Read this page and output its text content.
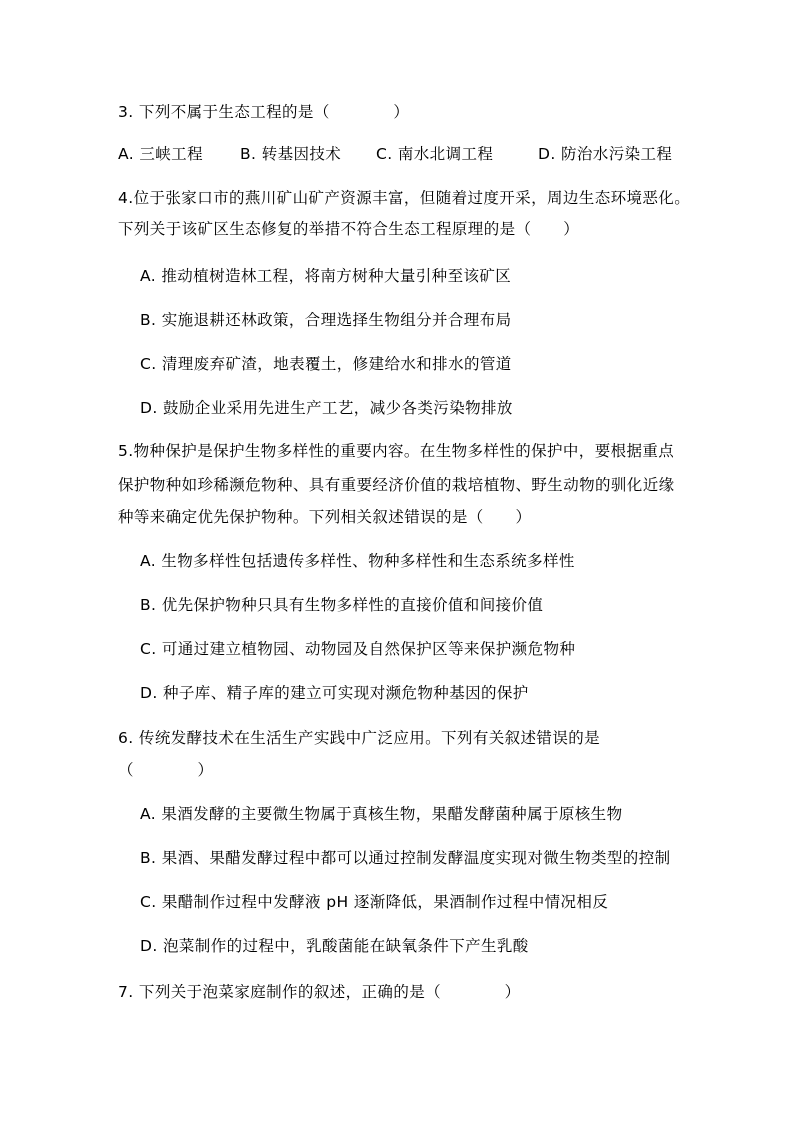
3. 下列不属于生态工程的是（　　　　）
A. 三峡工程 B. 转基因技术 C. 南水北调工程	D. 防治水污染工程
4.位于张家口市的燕川矿山矿产资源丰富，但随着过度开采，周边生态环境恶化。
下列关于该矿区生态修复的举措不符合生态工程原理的是（　　）
A. 推动植树造林工程，将南方树种大量引种至该矿区
B. 实施退耕还林政策，合理选择生物组分并合理布局
C. 清理废弃矿渣，地表覆土，修建给水和排水的管道
D. 鼓励企业采用先进生产工艺，减少各类污染物排放
5.物种保护是保护生物多样性的重要内容。在生物多样性的保护中，要根据重点
保护物种如珍稀濒危物种、具有重要经济价值的栽培植物、野生动物的驯化近缘
种等来确定优先保护物种。下列相关叙述错误的是（　　）
A. 生物多样性包括遗传多样性、物种多样性和生态系统多样性
B. 优先保护物种只具有生物多样性的直接价值和间接价值
C. 可通过建立植物园、动物园及自然保护区等来保护濒危物种
D. 种子库、精子库的建立可实现对濒危物种基因的保护
6. 传统发酵技术在生活生产实践中广泛应用。下列有关叙述错误的是
（　　　　）
A. 果酒发酵的主要微生物属于真核生物，果醋发酵菌种属于原核生物
B. 果酒、果醋发酵过程中都可以通过控制发酵温度实现对微生物类型的控制
C. 果醋制作过程中发酵液 pH 逐渐降低，果酒制作过程中情况相反
D. 泡菜制作的过程中，乳酸菌能在缺氧条件下产生乳酸
7. 下列关于泡菜家庭制作的叙述，正确的是（　　　　）
